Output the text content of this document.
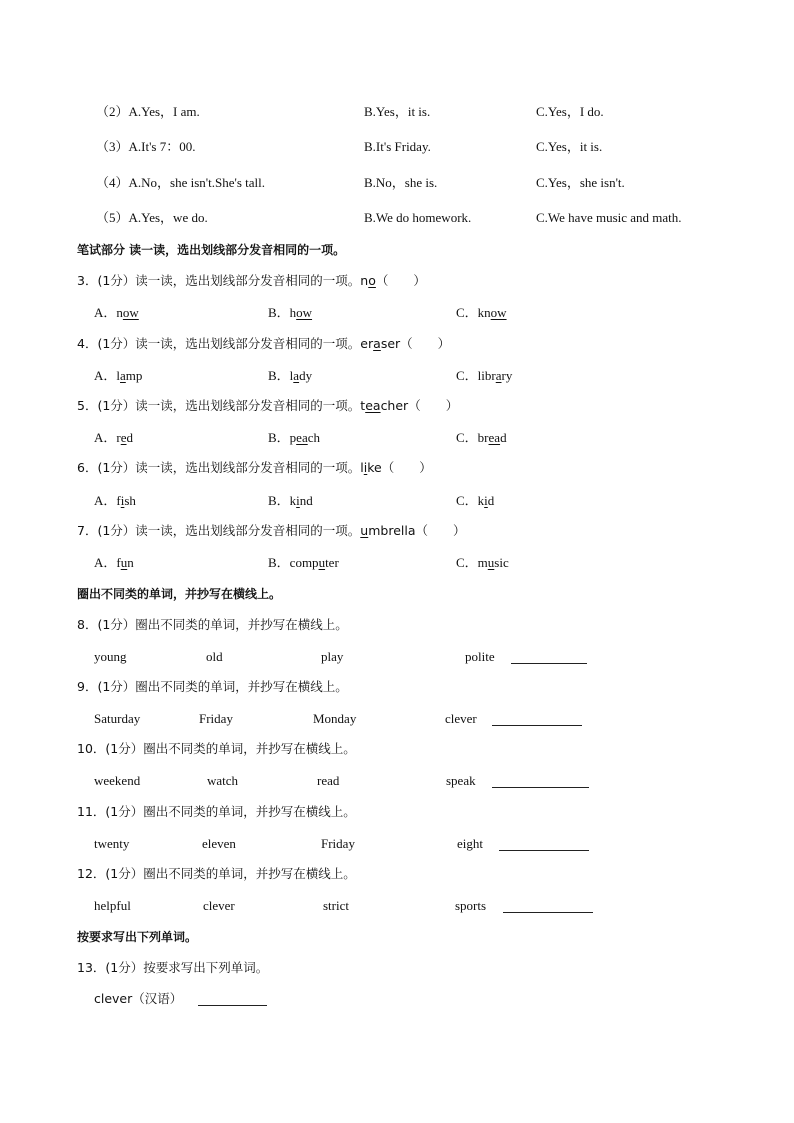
（2）A.Yes，I am.	B.Yes，it is.	C.Yes，I do.
（3）A.It's 7：00.	B.It's Friday.	C.Yes，it is.
（4）A.No，she isn't.She's tall.	B.No，she is.	C.Yes，she isn't.
（5）A.Yes，we do.	B.We do homework.	C.We have music and math.
笔试部分 读一读，选出划线部分发音相同的一项。
3．(1分）读一读，选出划线部分发音相同的一项。no（　　）
A．now	B．how	C．know
4．(1分）读一读，选出划线部分发音相同的一项。eraser（　　）
A．lamp	B．lady	C．library
5．(1分）读一读，选出划线部分发音相同的一项。teacher（　　）
A．red	B．peach	C．bread
6．(1分）读一读，选出划线部分发音相同的一项。like（　　）
A．fish	B．kind	C．kid
7．(1分）读一读，选出划线部分发音相同的一项。umbrella（　　）
A．fun	B．computer	C．music
圈出不同类的单词，并抄写在横线上。
8．(1分）圈出不同类的单词，并抄写在横线上。
young	old	play	polite
9．(1分）圈出不同类的单词，并抄写在横线上。
Saturday	Friday	Monday	clever
10．(1分）圈出不同类的单词，并抄写在横线上。
weekend	watch	read	speak
11．(1分）圈出不同类的单词，并抄写在横线上。
twenty	eleven	Friday	eight
12．(1分）圈出不同类的单词，并抄写在横线上。
helpful	clever	strict	sports
按要求写出下列单词。
13．(1分）按要求写出下列单词。
clever（汉语）
